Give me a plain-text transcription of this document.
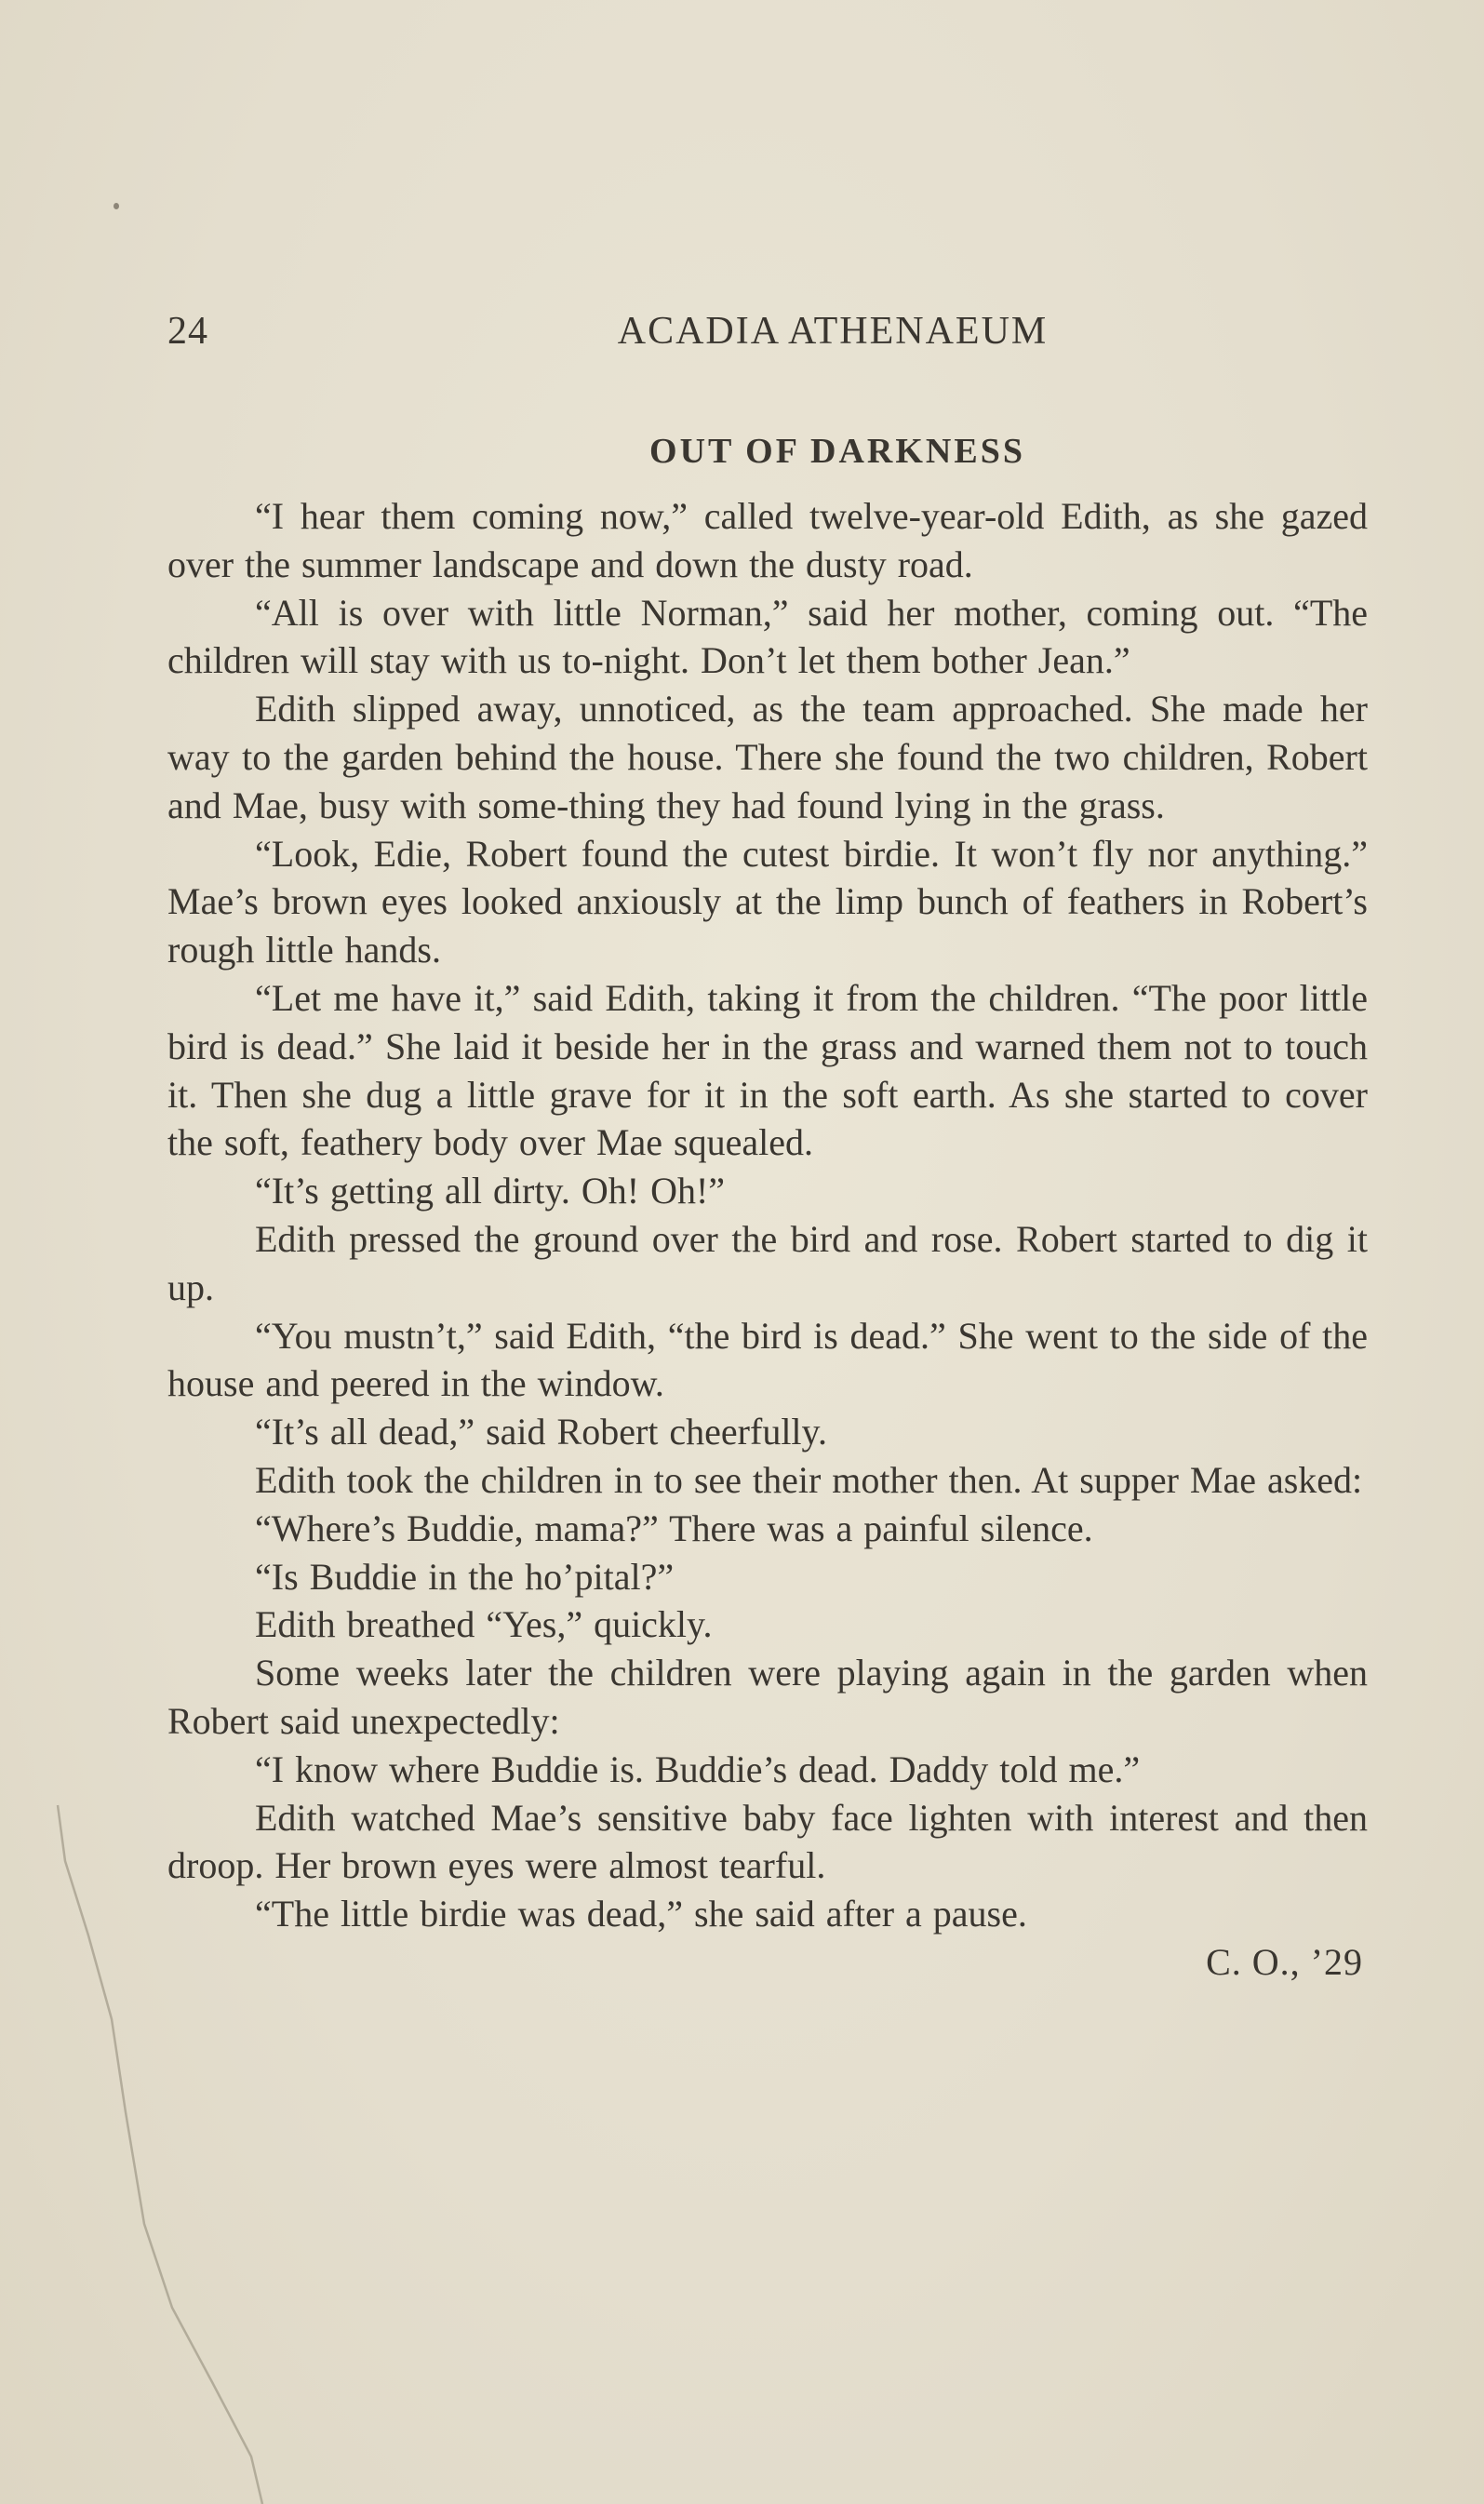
24	ACADIA ATHENAEUM
OUT OF DARKNESS

“I hear them coming now,” called twelve-year-old Edith, as she gazed over the summer landscape and down the dusty road.

“All is over with little Norman,” said her mother, coming out. “The children will stay with us to-night. Don’t let them bother Jean.”

Edith slipped away, unnoticed, as the team approached. She made her way to the garden behind the house. There she found the two children, Robert and Mae, busy with some-thing they had found lying in the grass.

“Look, Edie, Robert found the cutest birdie. It won’t fly nor anything.” Mae’s brown eyes looked anxiously at the limp bunch of feathers in Robert’s rough little hands.

“Let me have it,” said Edith, taking it from the children. “The poor little bird is dead.” She laid it beside her in the grass and warned them not to touch it. Then she dug a little grave for it in the soft earth. As she started to cover the soft, feathery body over Mae squealed.

“It’s getting all dirty. Oh! Oh!”

Edith pressed the ground over the bird and rose. Robert started to dig it up.

“You mustn’t,” said Edith, “the bird is dead.” She went to the side of the house and peered in the window.

“It’s all dead,” said Robert cheerfully.

Edith took the children in to see their mother then. At supper Mae asked:

“Where’s Buddie, mama?” There was a painful silence.

“Is Buddie in the ho’pital?”

Edith breathed “Yes,” quickly.

Some weeks later the children were playing again in the garden when Robert said unexpectedly:

“I know where Buddie is. Buddie’s dead. Daddy told me.”

Edith watched Mae’s sensitive baby face lighten with interest and then droop. Her brown eyes were almost tearful.

“The little birdie was dead,” she said after a pause.

C. O., ’29
